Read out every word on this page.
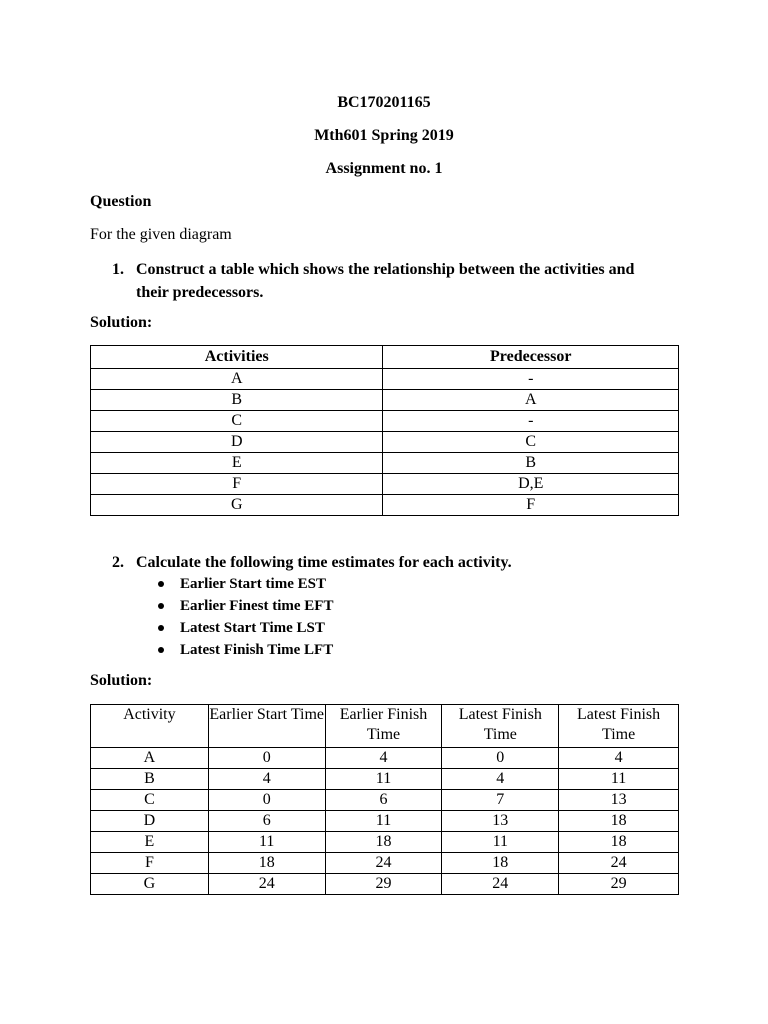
BC170201165
Mth601 Spring 2019
Assignment no. 1
Question
For the given diagram
1. Construct a table which shows the relationship between the activities and their predecessors.
Solution:
Activities	Predecessor
A	-
B	A
C	-
D	C
E	B
F	D,E
G	F
2. Calculate the following time estimates for each activity.
Earlier Start time EST
Earlier Finest time EFT
Latest Start Time LST
Latest Finish Time LFT
Solution:
Activity	Earlier Start Time	Earlier Finish Time	Latest Finish Time	Latest Finish Time
A	0	4	0	4
B	4	11	4	11
C	0	6	7	13
D	6	11	13	18
E	11	18	11	18
F	18	24	18	24
G	24	29	24	29
